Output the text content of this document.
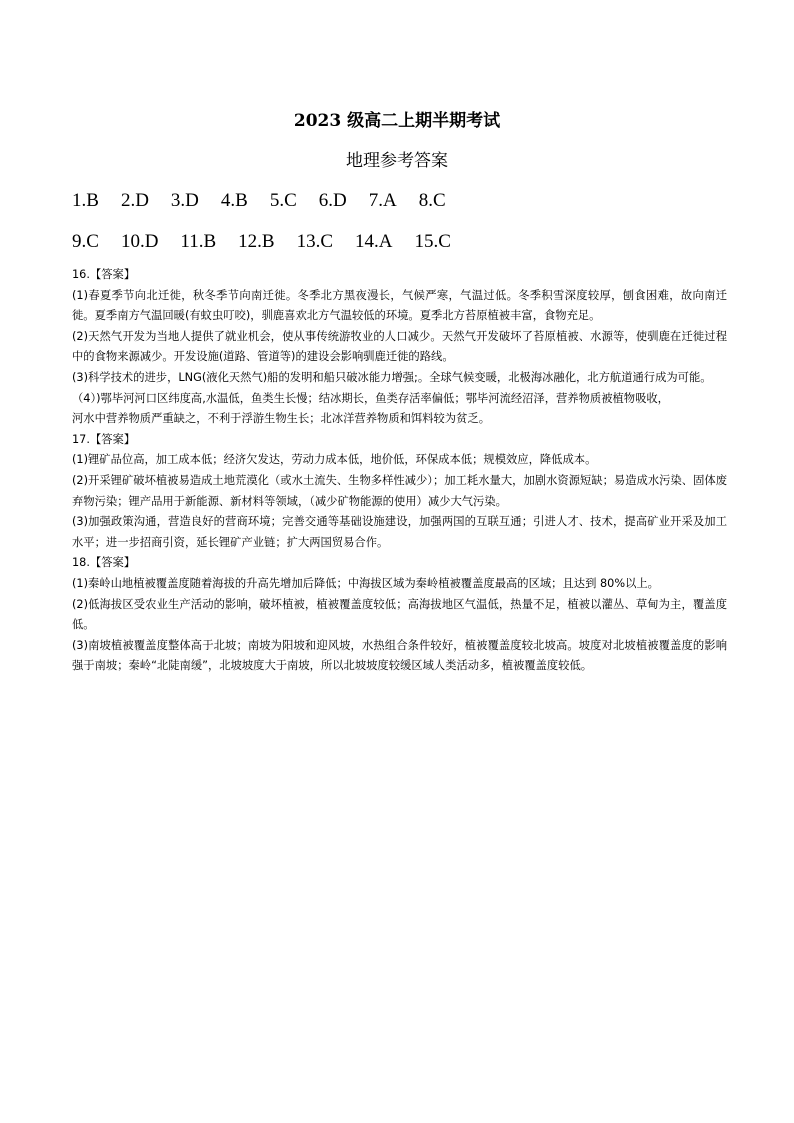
2023 级高二上期半期考试
地理参考答案
1.B 2.D 3.D 4.B 5.C 6.D 7.A 8.C
9.C 10.D 11.B 12.B 13.C 14.A 15.C

16.【答案】

(1)春夏季节向北迁徙，秋冬季节向南迁徙。冬季北方黑夜漫长，气候严寒，气温过低。冬季积雪深度较厚，刨食困难，故向南迁徙。夏季南方气温回暖(有蚊虫叮咬)，驯鹿喜欢北方气温较低的环境。夏季北方苔原植被丰富，食物充足。

(2)天然气开发为当地人提供了就业机会，使从事传统游牧业的人口减少。天然气开发破坏了苔原植被、水源等，使驯鹿在迁徙过程中的食物来源减少。开发设施(道路、管道等)的建设会影响驯鹿迁徙的路线。

(3)科学技术的进步，LNG(液化天然气)船的发明和船只破冰能力增强;。全球气候变暖，北极海冰融化，北方航道通行成为可能。

（4）)鄂毕河河口区纬度高,水温低，鱼类生长慢；结冰期长，鱼类存活率偏低；鄂毕河流经沼泽，营养物质被植物吸收，

河水中营养物质严重缺之，不利于浮游生物生长；北冰洋营养物质和饵料较为贫乏。

17.【答案】

(1)锂矿品位高，加工成本低；经济欠发达，劳动力成本低，地价低，环保成本低；规模效应，降低成本。

(2)开采锂矿破坏植被易造成土地荒漠化（或水土流失、生物多样性减少）；加工耗水量大，加剧水资源短缺；易造成水污染、固体废弃物污染；锂产品用于新能源、新材料等领域，（减少矿物能源的使用）减少大气污染。

(3)加强政策沟通，营造良好的营商环境；完善交通等基础设施建设，加强两国的互联互通；引进人才、技术，提高矿业开采及加工水平；进一步招商引资，延长锂矿产业链；扩大两国贸易合作。

18.【答案】

(1)秦岭山地植被覆盖度随着海拔的升高先增加后降低；中海拔区域为秦岭植被覆盖度最高的区域；且达到 80%以上。

(2)低海拔区受农业生产活动的影响，破坏植被，植被覆盖度较低；高海拔地区气温低，热量不足，植被以灌丛、草甸为主，覆盖度低。

(3)南坡植被覆盖度整体高于北坡；南坡为阳坡和迎风坡，水热组合条件较好，植被覆盖度较北坡高。坡度对北坡植被覆盖度的影响强于南坡；秦岭“北陡南缓”，北坡坡度大于南坡，所以北坡坡度较缓区域人类活动多，植被覆盖度较低。
